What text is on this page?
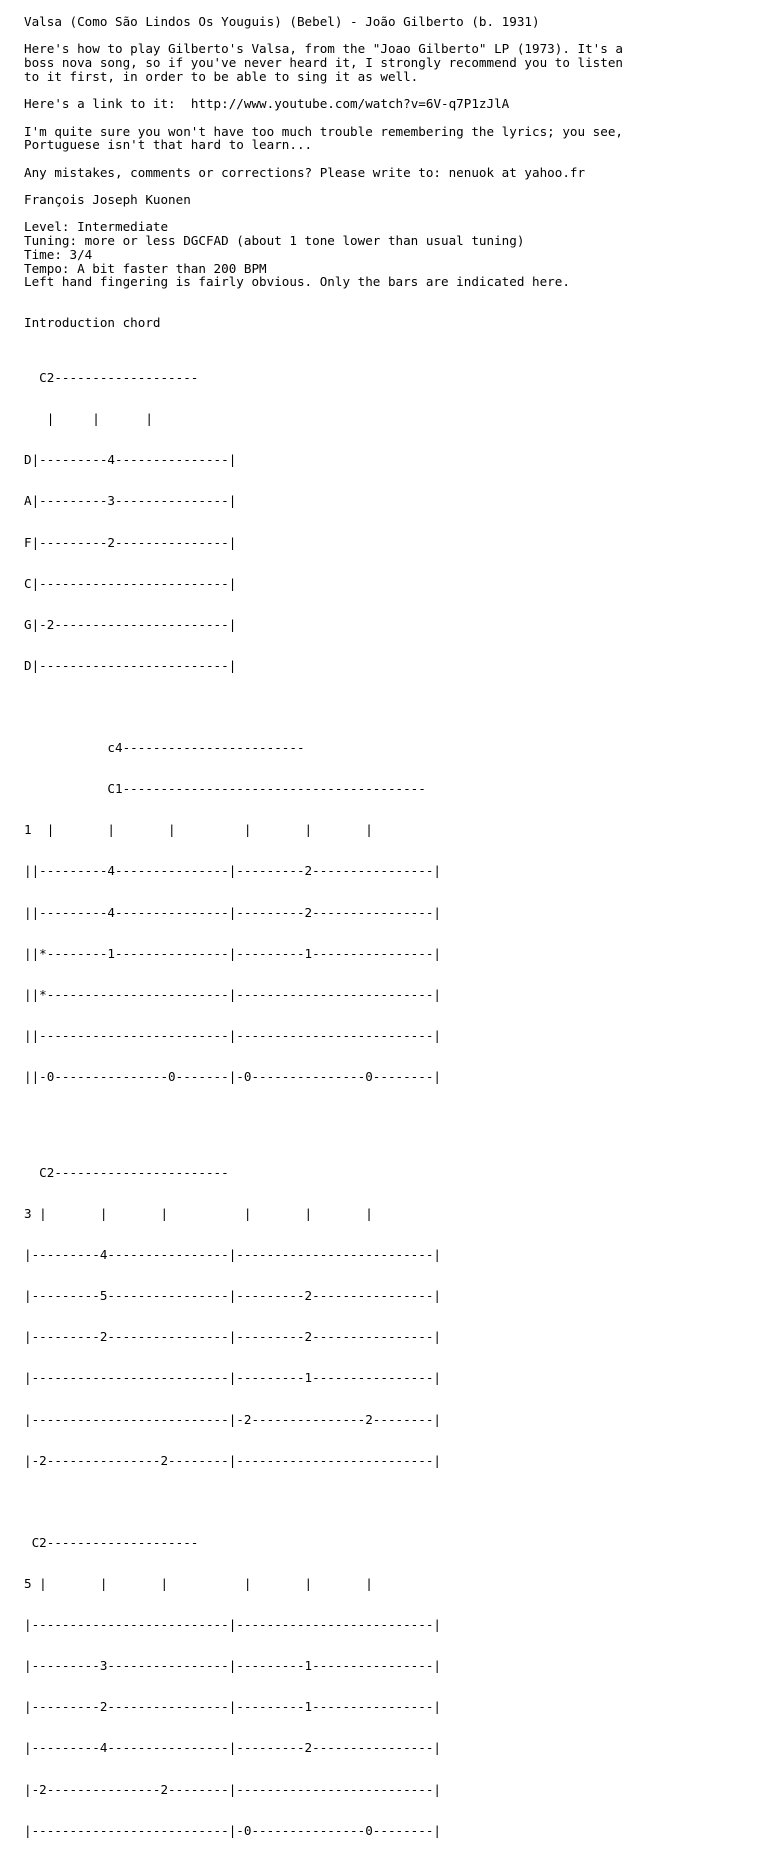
Valsa (Como São Lindos Os Youguis) (Bebel) - João Gilberto (b. 1931)
Here's how to play Gilberto's Valsa, from the "Joao Gilberto" LP (1973). It's a
boss nova song, so if you've never heard it, I strongly recommend you to listen
to it first, in order to be able to sing it as well.
Here's a link to it:  http://www.youtube.com/watch?v=6V-q7P1zJlA
I'm quite sure you won't have too much trouble remembering the lyrics; you see,
Portuguese isn't that hard to learn...
Any mistakes, comments or corrections? Please write to: nenuok at yahoo.fr
François Joseph Kuonen
Level: Intermediate
Tuning: more or less DGCFAD (about 1 tone lower than usual tuning)
Time: 3/4
Tempo: A bit faster than 200 BPM
Left hand fingering is fairly obvious. Only the bars are indicated here.
Introduction chord

C2-------------------

|     |      |

D|---------4---------------|

A|---------3---------------|

F|---------2---------------|

C|-------------------------|

G|-2-----------------------|

D|-------------------------|

c4------------------------

C1----------------------------------------

1  |       |       |         |       |       |

||---------4---------------|---------2----------------|

||---------4---------------|---------2----------------|

||*--------1---------------|---------1----------------|

||*------------------------|--------------------------|

||-------------------------|--------------------------|

||-0---------------0-------|-0---------------0--------|

C2-----------------------

3 |       |       |          |       |       |

|---------4----------------|--------------------------|

|---------5----------------|---------2----------------|

|---------2----------------|---------2----------------|

|--------------------------|---------1----------------|

|--------------------------|-2---------------2--------|

|-2---------------2--------|--------------------------|

C2--------------------

5 |       |       |          |       |       |

|--------------------------|--------------------------|

|---------3----------------|---------1----------------|

|---------2----------------|---------1----------------|

|---------4----------------|---------2----------------|

|-2---------------2--------|--------------------------|

|--------------------------|-0---------------0--------|
